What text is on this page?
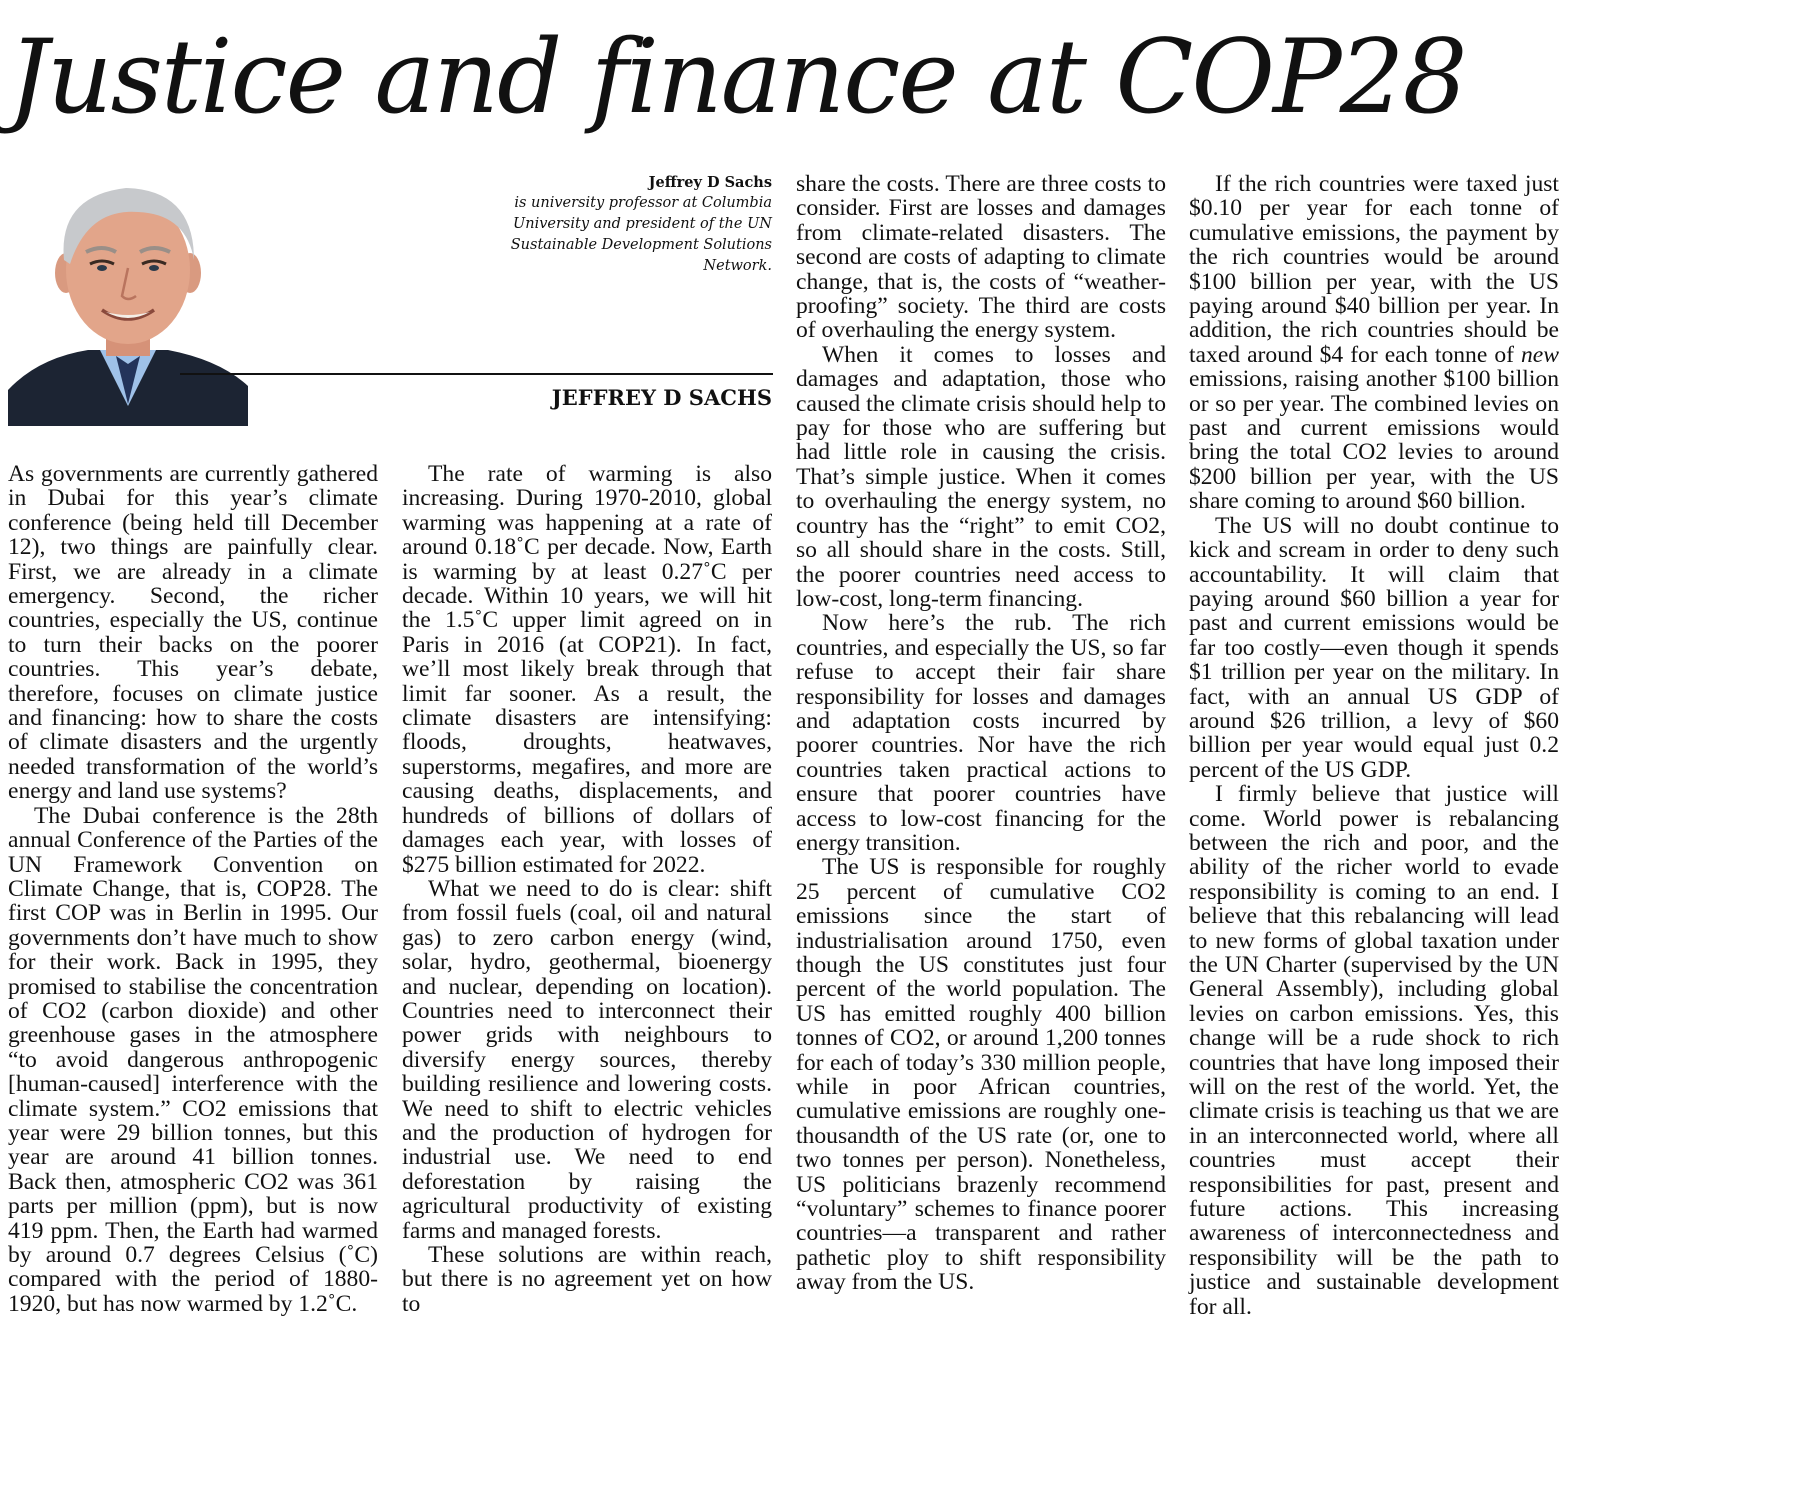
Justice and finance at COP28
Jeffrey D Sachs
is university professor at Columbia University and president of the UN Sustainable Development Solutions Network.
JEFFREY D SACHS

As governments are currently gathered in Dubai for this year’s climate conference (being held till December 12), two things are painfully clear. First, we are already in a climate emergency. Second, the richer countries, especially the US, continue to turn their backs on the poorer countries. This year’s debate, therefore, focuses on climate justice and financing: how to share the costs of climate disasters and the urgently needed transformation of the world’s energy and land use systems?

The Dubai conference is the 28th annual Conference of the Parties of the UN Framework Convention on Climate Change, that is, COP28. The first COP was in Berlin in 1995. Our governments don’t have much to show for their work. Back in 1995, they promised to stabilise the concentration of CO2 (carbon dioxide) and other greenhouse gases in the atmosphere “to avoid dangerous anthropogenic [human-caused] interference with the climate system.” CO2 emissions that year were 29 billion tonnes, but this year are around 41 billion tonnes. Back then, atmospheric CO2 was 361 parts per million (ppm), but is now 419 ppm. Then, the Earth had warmed by around 0.7 degrees Celsius (˚C) compared with the period of 1880-1920, but has now warmed by 1.2˚C.

The rate of warming is also increasing. During 1970-2010, global warming was happening at a rate of around 0.18˚C per decade. Now, Earth is warming by at least 0.27˚C per decade. Within 10 years, we will hit the 1.5˚C upper limit agreed on in Paris in 2016 (at COP21). In fact, we’ll most likely break through that limit far sooner. As a result, the climate disasters are intensifying: floods, droughts, heatwaves, superstorms, megafires, and more are causing deaths, displacements, and hundreds of billions of dollars of damages each year, with losses of $275 billion estimated for 2022.

What we need to do is clear: shift from fossil fuels (coal, oil and natural gas) to zero carbon energy (wind, solar, hydro, geothermal, bioenergy and nuclear, depending on location). Countries need to interconnect their power grids with neighbours to diversify energy sources, thereby building resilience and lowering costs. We need to shift to electric vehicles and the production of hydrogen for industrial use. We need to end deforestation by raising the agricultural productivity of existing farms and managed forests.

These solutions are within reach, but there is no agreement yet on how to

share the costs. There are three costs to consider. First are losses and damages from climate-related disasters. The second are costs of adapting to climate change, that is, the costs of “weather-proofing” society. The third are costs of overhauling the energy system.

When it comes to losses and damages and adaptation, those who caused the climate crisis should help to pay for those who are suffering but had little role in causing the crisis. That’s simple justice. When it comes to overhauling the energy system, no country has the “right” to emit CO2, so all should share in the costs. Still, the poorer countries need access to low-cost, long-term financing.

Now here’s the rub. The rich countries, and especially the US, so far refuse to accept their fair share responsibility for losses and damages and adaptation costs incurred by poorer countries. Nor have the rich countries taken practical actions to ensure that poorer countries have access to low-cost financing for the energy transition.

The US is responsible for roughly 25 percent of cumulative CO2 emissions since the start of industrialisation around 1750, even though the US constitutes just four percent of the world population. The US has emitted roughly 400 billion tonnes of CO2, or around 1,200 tonnes for each of today’s 330 million people, while in poor African countries, cumulative emissions are roughly one-thousandth of the US rate (or, one to two tonnes per person). Nonetheless, US politicians brazenly recommend “voluntary” schemes to finance poorer countries—a transparent and rather pathetic ploy to shift responsibility away from the US.

If the rich countries were taxed just $0.10 per year for each tonne of cumulative emissions, the payment by the rich countries would be around $100 billion per year, with the US paying around $40 billion per year. In addition, the rich countries should be taxed around $4 for each tonne of new emissions, raising another $100 billion or so per year. The combined levies on past and current emissions would bring the total CO2 levies to around $200 billion per year, with the US share coming to around $60 billion.

The US will no doubt continue to kick and scream in order to deny such accountability. It will claim that paying around $60 billion a year for past and current emissions would be far too costly—even though it spends $1 trillion per year on the military. In fact, with an annual US GDP of around $26 trillion, a levy of $60 billion per year would equal just 0.2 percent of the US GDP.

I firmly believe that justice will come. World power is rebalancing between the rich and poor, and the ability of the richer world to evade responsibility is coming to an end. I believe that this rebalancing will lead to new forms of global taxation under the UN Charter (supervised by the UN General Assembly), including global levies on carbon emissions. Yes, this change will be a rude shock to rich countries that have long imposed their will on the rest of the world. Yet, the climate crisis is teaching us that we are in an interconnected world, where all countries must accept their responsibilities for past, present and future actions. This increasing awareness of interconnectedness and responsibility will be the path to justice and sustainable development for all.
